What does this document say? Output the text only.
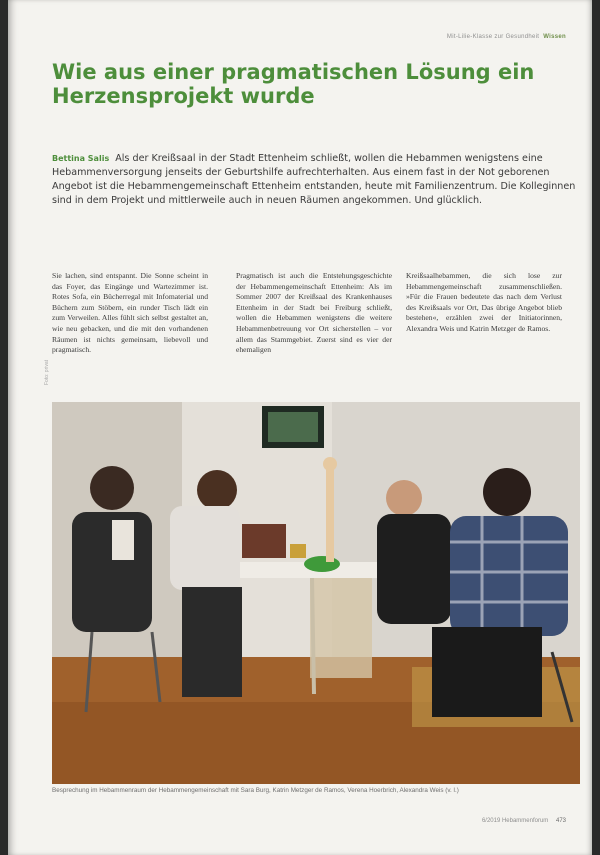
Mit-Lilie-Klasse zur Gesundheit Wissen
Wie aus einer pragmatischen Lösung ein Herzensprojekt wurde

Bettina Salis Als der Kreißsaal in der Stadt Ettenheim schließt, wollen die Hebammen wenigstens eine Hebammenversorgung jenseits der Geburtshilfe aufrechterhalten. Aus einem fast in der Not geborenen Angebot ist die Hebammengemeinschaft Ettenheim entstanden, heute mit Familienzentrum. Die Kolleginnen sind in dem Projekt und mittlerweile auch in neuen Räumen angekommen. Und glücklich.

Sie lachen, sind entspannt. Die Sonne scheint in das Foyer, das Eingänge und Wartezimmer ist. Rotes Sofa, ein Bücherregal mit Infomaterial und Büchern zum Stöbern, ein runder Tisch lädt ein zum Verweilen. Alles fühlt sich selbst gestaltet an, wie neu gebacken, und die mit den vorhandenen Räumen ist nichts gemeinsam, liebevoll und pragmatisch.

Pragmatisch ist auch die Entstehungsgeschichte der Hebammengemeinschaft Ettenheim: Als im Sommer 2007 der Kreißsaal des Krankenhauses Ettenheim in der Stadt bei Freiburg schließt, wollen die Hebammen wenigstens die weitere Hebammenbetreuung vor Ort sicherstellen – vor allem das Stammgebiet. Zuerst sind es vier der ehemaligen

Kreißsaalhebammen, die sich lose zur Hebammengemeinschaft zusammenschließen. »Für die Frauen bedeutete das nach dem Verlust des Kreißsaals vor Ort, Das übrige Angebot blieb bestehen«, erzählen zwei der Initiatorinnen, Alexandra Weis und Katrin Metzger de Ramos.

Foto: privat
Besprechung im Hebammenraum der Hebammengemeinschaft mit Sara Burg, Katrin Metzger de Ramos, Verena Hoerbrich, Alexandra Weis (v. l.)
6/2019 Hebammenforum 473
